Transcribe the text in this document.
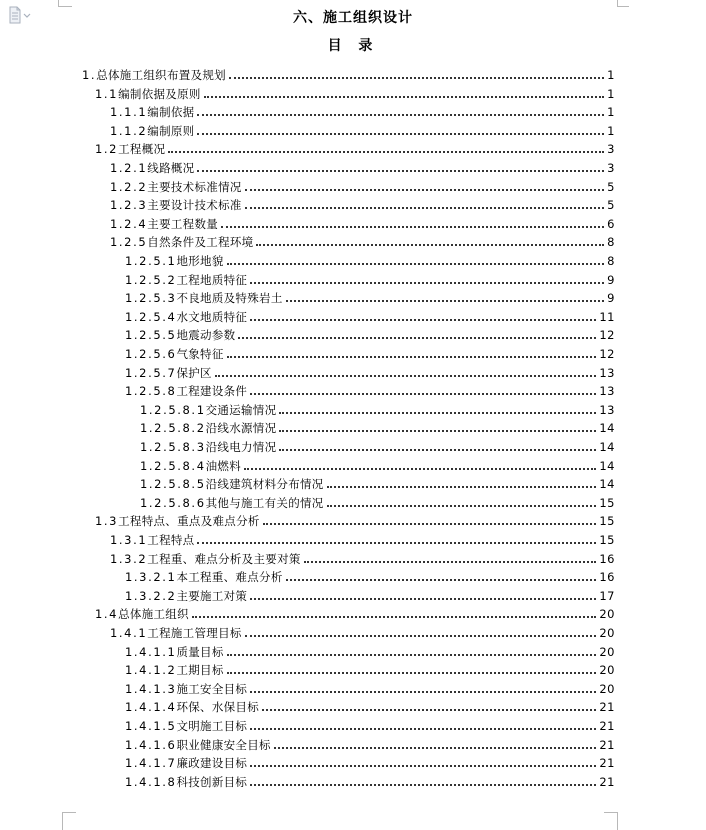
六、施工组织设计
目 录
1. 总体施工组织布置及规划	1
1.1 编制依据及原则	1
1.1.1 编制依据	1
1.1.2 编制原则	1
1.2 工程概况	3
1.2.1 线路概况	3
1.2.2 主要技术标准情况	5
1.2.3 主要设计技术标准	5
1.2.4 主要工程数量	6
1.2.5 自然条件及工程环境	8
1.2.5.1 地形地貌	8
1.2.5.2 工程地质特征	9
1.2.5.3 不良地质及特殊岩土	9
1.2.5.4 水文地质特征	11
1.2.5.5 地震动参数	12
1.2.5.6 气象特征	12
1.2.5.7 保护区	13
1.2.5.8 工程建设条件	13
1.2.5.8.1 交通运输情况	13
1.2.5.8.2 沿线水源情况	14
1.2.5.8.3 沿线电力情况	14
1.2.5.8.4 油燃料	14
1.2.5.8.5 沿线建筑材料分布情况	14
1.2.5.8.6 其他与施工有关的情况	15
1.3 工程特点、重点及难点分析	15
1.3.1 工程特点	15
1.3.2 工程重、难点分析及主要对策	16
1.3.2.1 本工程重、难点分析	16
1.3.2.2 主要施工对策	17
1.4 总体施工组织	20
1.4.1 工程施工管理目标	20
1.4.1.1 质量目标	20
1.4.1.2 工期目标	20
1.4.1.3 施工安全目标	20
1.4.1.4 环保、水保目标	21
1.4.1.5 文明施工目标	21
1.4.1.6 职业健康安全目标	21
1.4.1.7 廉政建设目标	21
1.4.1.8 科技创新目标	21
